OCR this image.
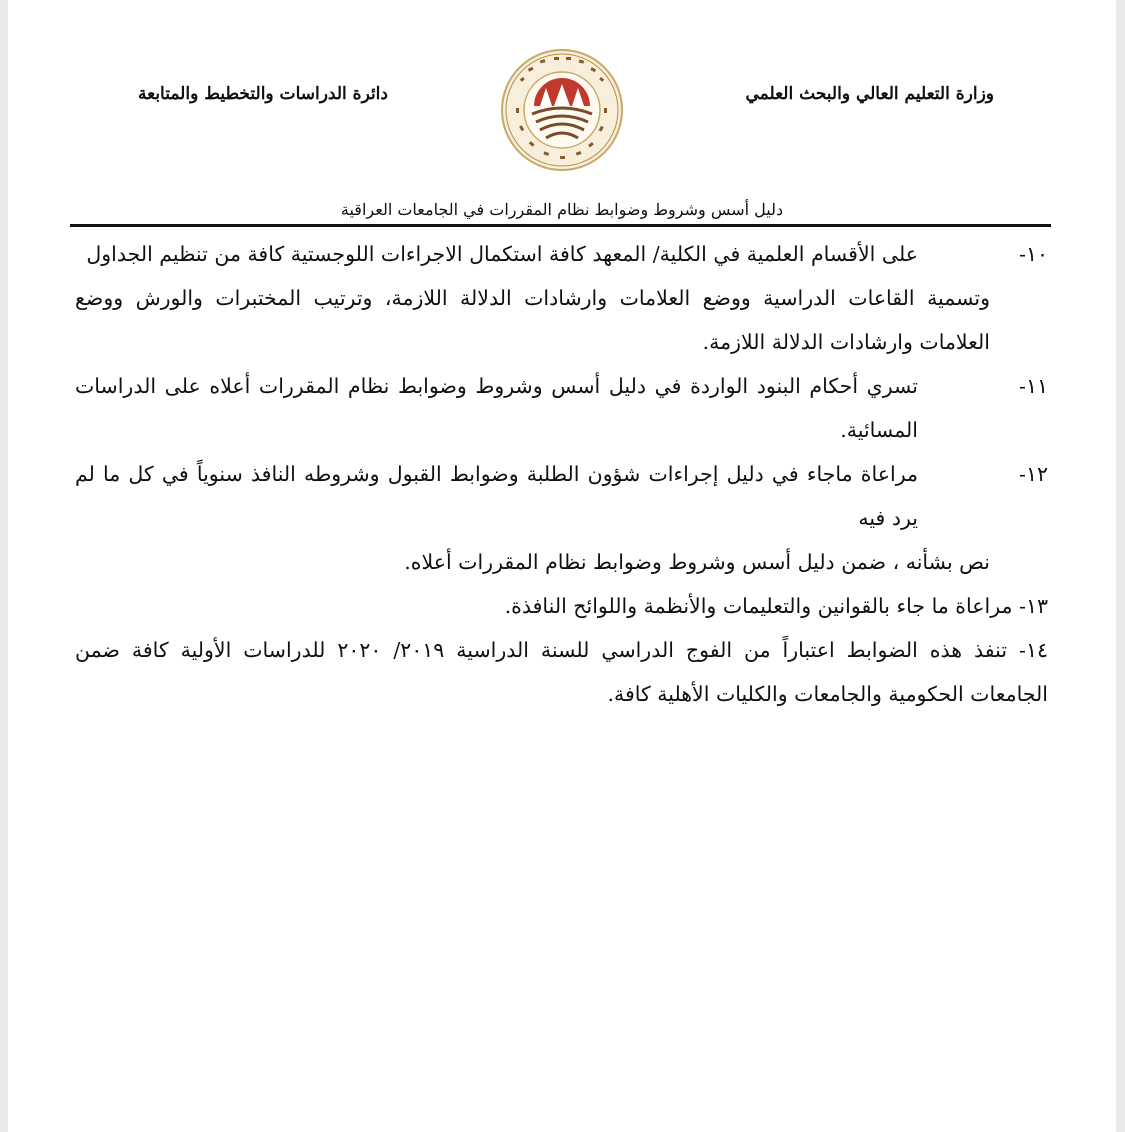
وزارة التعليم العالي والبحث العلمي
دائرة الدراسات والتخطيط والمتابعة
دليل أسس وشروط وضوابط نظام المقررات في الجامعات العراقية
١٠-
على الأقسام العلمية في الكلية/ المعهد كافة استكمال الاجراءات اللوجستية كافة من تنظيم الجداول
وتسمية القاعات الدراسية ووضع العلامات وارشادات الدلالة اللازمة، وترتيب المختبرات والورش ووضع العلامات وارشادات الدلالة اللازمة.
١١-
تسري أحكام البنود الواردة في دليل أسس وشروط وضوابط نظام المقررات أعلاه على الدراسات المسائية.
١٢-
مراعاة ماجاء في دليل إجراءات شؤون الطلبة وضوابط القبول وشروطه النافذ سنوياً في كل ما لم يرد فيه
نص بشأنه ، ضمن دليل أسس وشروط وضوابط نظام المقررات أعلاه.
١٣- مراعاة ما جاء بالقوانين والتعليمات والأنظمة واللوائح النافذة.
١٤- تنفذ هذه الضوابط اعتباراً من الفوج الدراسي للسنة الدراسية ٢٠١٩/ ٢٠٢٠ للدراسات الأولية كافة ضمن الجامعات الحكومية والجامعات والكليات الأهلية كافة.
